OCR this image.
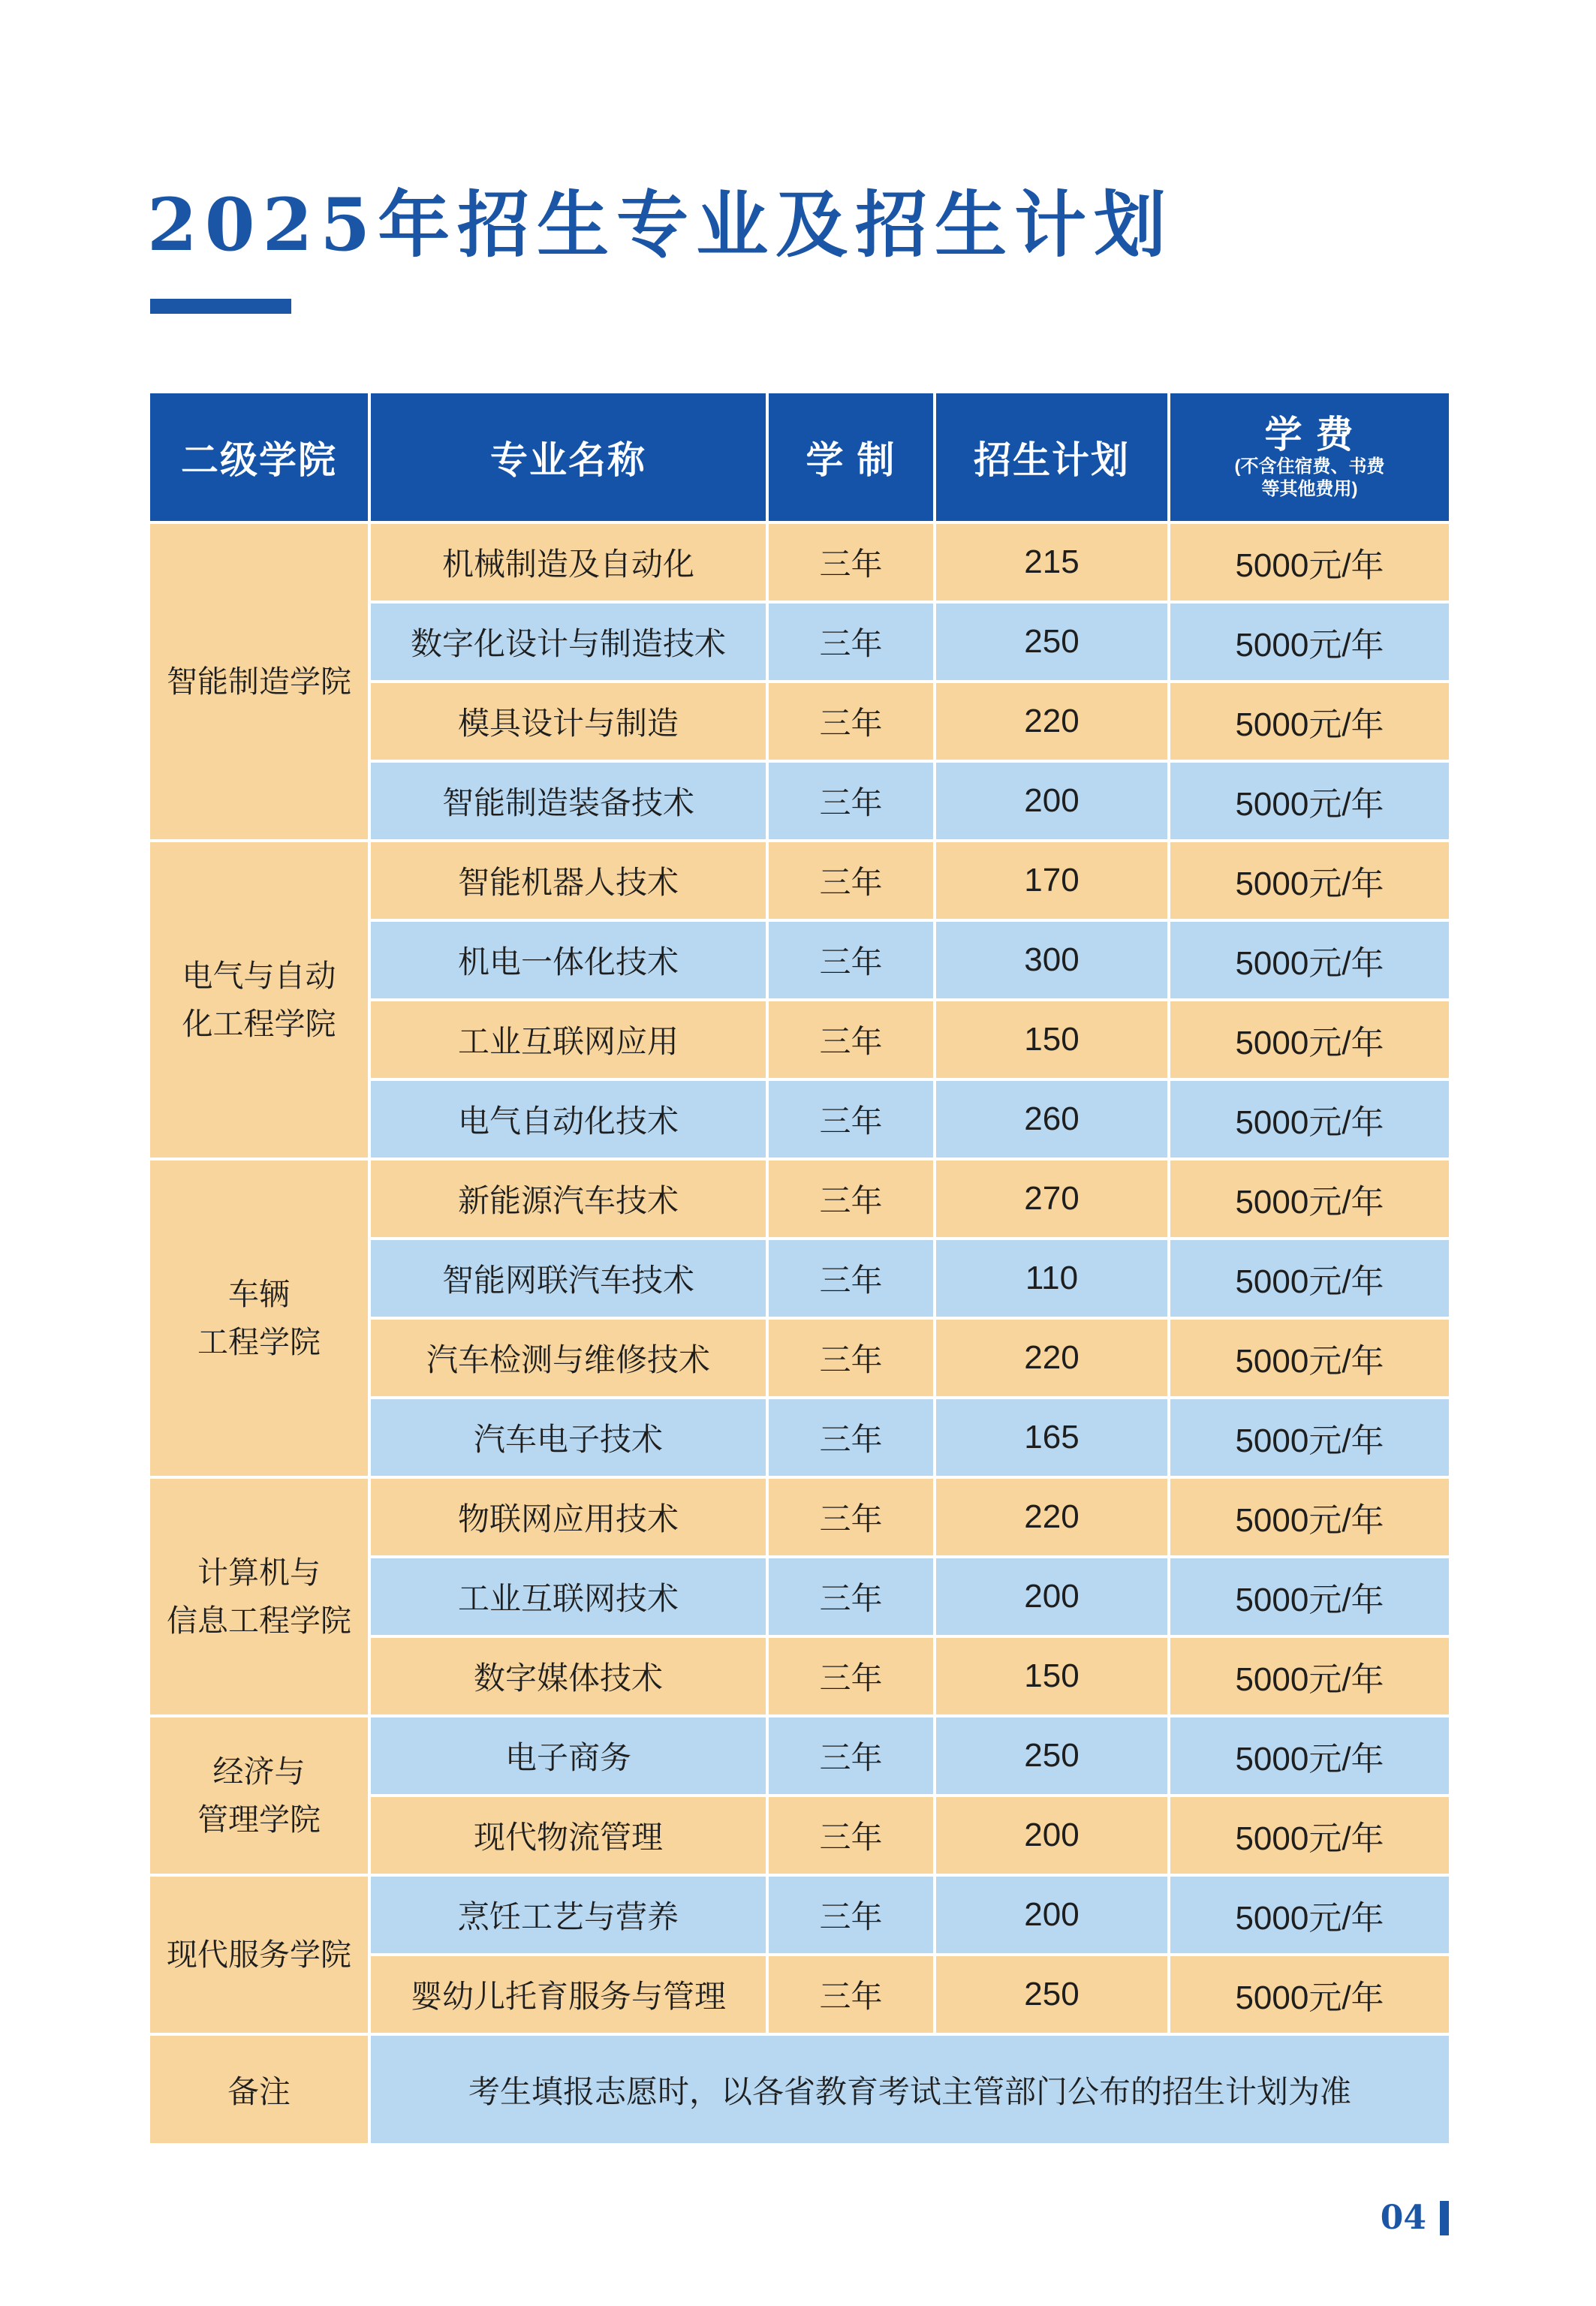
2025年招生专业及招生计划
二级学院	专业名称	学 制	招生计划	学 费
(不含住宿费、书费
等其他费用)

智能制造学院	机械制造及自动化	三年	215	5000元/年
	数字化设计与制造技术	三年	250	5000元/年
	模具设计与制造	三年	220	5000元/年
	智能制造装备技术	三年	200	5000元/年

电气与自动
化工程学院	智能机器人技术	三年	170	5000元/年
	机电一体化技术	三年	300	5000元/年
	工业互联网应用	三年	150	5000元/年
	电气自动化技术	三年	260	5000元/年

车辆
工程学院	新能源汽车技术	三年	270	5000元/年
	智能网联汽车技术	三年	110	5000元/年
	汽车检测与维修技术	三年	220	5000元/年
	汽车电子技术	三年	165	5000元/年

计算机与
信息工程学院	物联网应用技术	三年	220	5000元/年
	工业互联网技术	三年	200	5000元/年
	数字媒体技术	三年	150	5000元/年

经济与
管理学院	电子商务	三年	250	5000元/年
	现代物流管理	三年	200	5000元/年

现代服务学院	烹饪工艺与营养	三年	200	5000元/年
	婴幼儿托育服务与管理	三年	250	5000元/年
备注	考生填报志愿时，以各省教育考试主管部门公布的招生计划为准			
04
